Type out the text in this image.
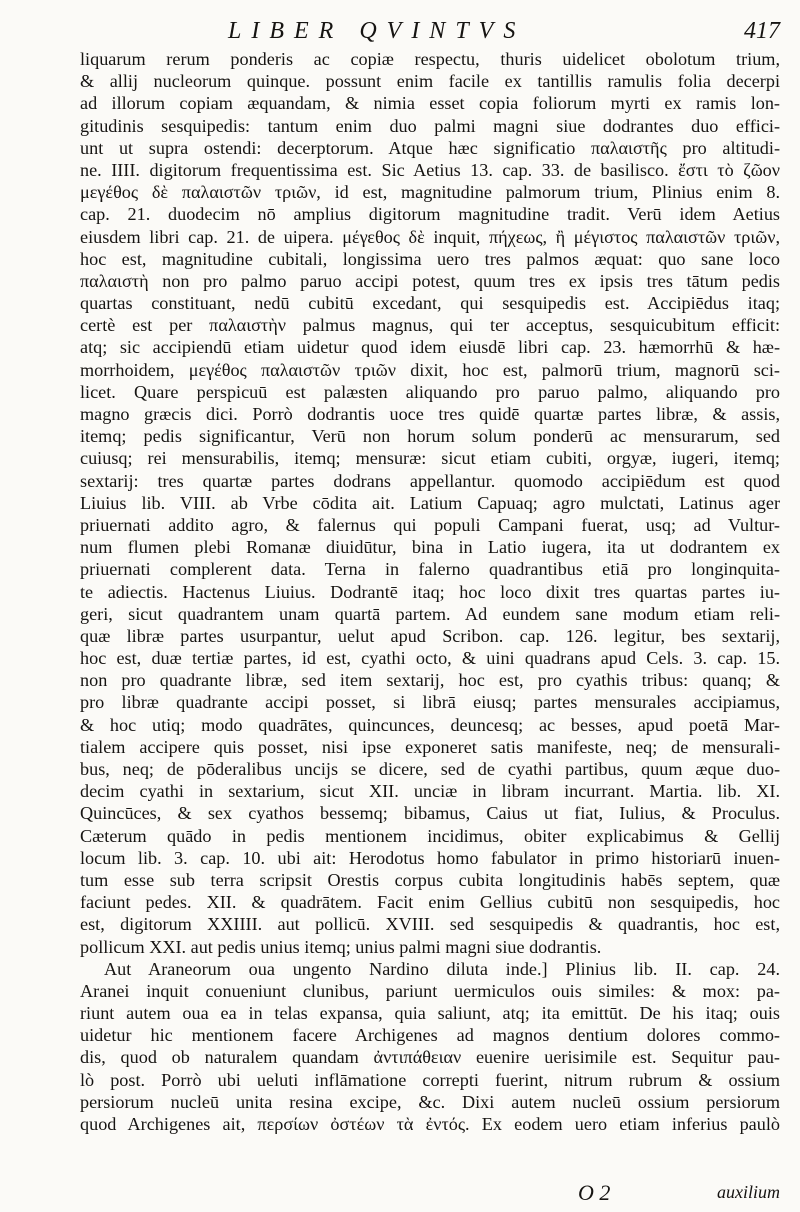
LIBER QVINTVS	417
liquarum rerum ponderis ac copiæ respectu, thuris uidelicet obolotum trium,
& allij nucleorum quinque. possunt enim facile ex tantillis ramulis folia decerpi
ad illorum copiam æquandam, & nimia esset copia foliorum myrti ex ramis lon-
gitudinis sesquipedis: tantum enim duo palmi magni siue dodrantes duo effici-
unt ut supra ostendi: decerptorum. Atque hæc significatio παλαιστῆς pro altitudi-
ne. IIII. digitorum frequentissima est. Sic Aetius 13. cap. 33. de basilisco. ἔστι τὸ ζῶον
μεγέθος δὲ παλαιστῶν τριῶν, id est, magnitudine palmorum trium, Plinius enim 8.
cap. 21. duodecim nō amplius digitorum magnitudine tradit. Verū idem Aetius
eiusdem libri cap. 21. de uipera. μέγεθος δὲ inquit, πήχεως, ἢ μέγιστος παλαιστῶν τριῶν,
hoc est, magnitudine cubitali, longissima uero tres palmos æquat: quo sane loco
παλαιστὴ non pro palmo paruo accipi potest, quum tres ex ipsis tres tātum pedis
quartas constituant, nedū cubitū excedant, qui sesquipedis est. Accipiēdus itaq;
certè est per παλαιστὴν palmus magnus, qui ter acceptus, sesquicubitum efficit:
atq; sic accipiendū etiam uidetur quod idem eiusdē libri cap. 23. hæmorrhū & hæ-
morrhoidem, μεγέθος παλαιστῶν τριῶν dixit, hoc est, palmorū trium, magnorū sci-
licet. Quare perspicuū est palæsten aliquando pro paruo palmo, aliquando pro
magno græcis dici. Porrò dodrantis uoce tres quidē quartæ partes libræ, & assis,
itemq; pedis significantur, Verū non horum solum ponderū ac mensurarum, sed
cuiusq; rei mensurabilis, itemq; mensuræ: sicut etiam cubiti, orgyæ, iugeri, itemq;
sextarij: tres quartæ partes dodrans appellantur. quomodo accipiēdum est quod
Liuius lib. VIII. ab Vrbe cōdita ait. Latium Capuaq; agro mulctati, Latinus ager
priuernati addito agro, & falernus qui populi Campani fuerat, usq; ad Vultur-
num flumen plebi Romanæ diuidūtur, bina in Latio iugera, ita ut dodrantem ex
priuernati complerent data. Terna in falerno quadrantibus etiā pro longinquita-
te adiectis. Hactenus Liuius. Dodrantē itaq; hoc loco dixit tres quartas partes iu-
geri, sicut quadrantem unam quartā partem. Ad eundem sane modum etiam reli-
quæ libræ partes usurpantur, uelut apud Scribon. cap. 126. legitur, bes sextarij,
hoc est, duæ tertiæ partes, id est, cyathi octo, & uini quadrans apud Cels. 3. cap. 15.
non pro quadrante libræ, sed item sextarij, hoc est, pro cyathis tribus: quanq; &
pro libræ quadrante accipi posset, si librā eiusq; partes mensurales accipiamus,
& hoc utiq; modo quadrātes, quincunces, deuncesq; ac besses, apud poetā Mar-
tialem accipere quis posset, nisi ipse exponeret satis manifeste, neq; de mensurali-
bus, neq; de pōderalibus uncijs se dicere, sed de cyathi partibus, quum æque duo-
decim cyathi in sextarium, sicut XII. unciæ in libram incurrant. Martia. lib. XI.
Quincūces, & sex cyathos bessemq; bibamus, Caius ut fiat, Iulius, & Proculus.
Cæterum quādo in pedis mentionem incidimus, obiter explicabimus & Gellij
locum lib. 3. cap. 10. ubi ait: Herodotus homo fabulator in primo historiarū inuen-
tum esse sub terra scripsit Orestis corpus cubita longitudinis habēs septem, quæ
faciunt pedes. XII. & quadrātem. Facit enim Gellius cubitū non sesquipedis, hoc
est, digitorum XXIIII. aut pollicū. XVIII. sed sesquipedis & quadrantis, hoc est,
pollicum XXI. aut pedis unius itemq; unius palmi magni siue dodrantis.
Aut Araneorum oua ungento Nardino diluta inde.] Plinius lib. II. cap. 24.
Aranei inquit conueniunt clunibus, pariunt uermiculos ouis similes: & mox: pa-
riunt autem oua ea in telas expansa, quia saliunt, atq; ita emittūt. De his itaq; ouis
uidetur hic mentionem facere Archigenes ad magnos dentium dolores commo-
dis, quod ob naturalem quandam ἀντιπάθειαν euenire uerisimile est. Sequitur pau-
lò post. Porrò ubi ueluti inflāmatione correpti fuerint, nitrum rubrum & ossium
persiorum nucleū unita resina excipe, &c. Dixi autem nucleū ossium persiorum
quod Archigenes ait, περσίων ὀστέων τὰ ἐντός. Ex eodem uero etiam inferius paulò
O 2	auxilium
